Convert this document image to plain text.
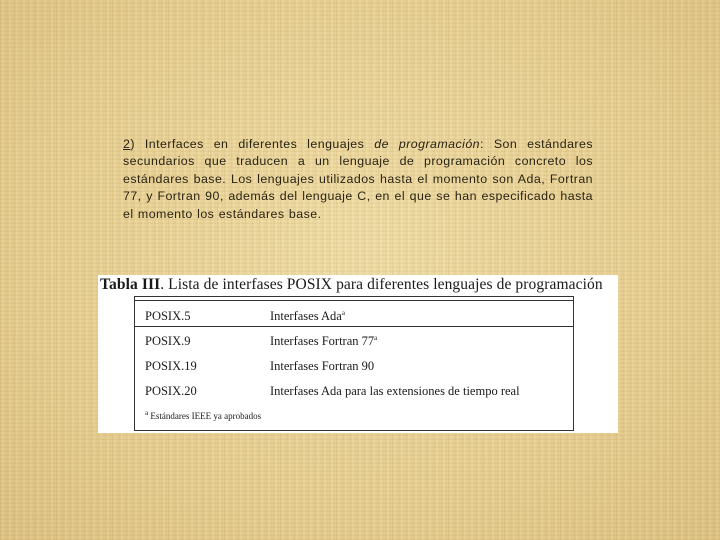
2) Interfaces en diferentes lenguajes de programación: Son estándares secundarios que traducen a un lenguaje de programación concreto los estándares base. Los lenguajes utilizados hasta el momento son Ada, Fortran 77, y Fortran 90, además del lenguaje C, en el que se han especificado hasta el momento los estándares base.
Tabla III. Lista de interfases POSIX para diferentes lenguajes de programación
POSIX.5	Interfases Ada$^a$
POSIX.9	Interfases Fortran 77$^a$
POSIX.19	Interfases Fortran 90
POSIX.20	Interfases Ada para las extensiones de tiempo real
$^a$ Estándares IEEE ya aprobados
